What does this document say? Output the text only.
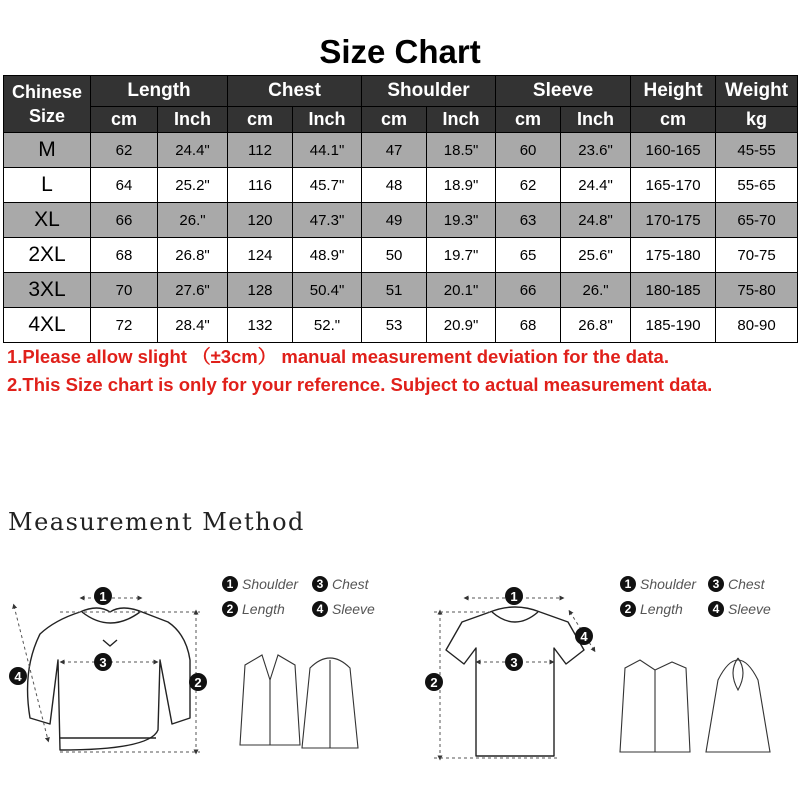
Size Chart
Chinese Size	Length		Chest		Shoulder		Sleeve		Height	Weight
	cm	Inch	cm	Inch	cm	Inch	cm	Inch	cm	kg
M	62	24.4"	112	44.1"	47	18.5"	60	23.6"	160-165	45-55
L	64	25.2"	116	45.7"	48	18.9"	62	24.4"	165-170	55-65
XL	66	26."	120	47.3"	49	19.3"	63	24.8"	170-175	65-70
2XL	68	26.8"	124	48.9"	50	19.7"	65	25.6"	175-180	70-75
3XL	70	27.6"	128	50.4"	51	20.1"	66	26."	180-185	75-80
4XL	72	28.4"	132	52."	53	20.9"	68	26.8"	185-190	80-90
1.Please allow slight （±3cm） manual measurement deviation for the data.
2.This Size chart is only for your reference. Subject to actual measurement data.
Measurement Method
1
3
2
4
1
3
2
4
1 Shoulder	3 Chest
2 Length	4 Sleeve
1 Shoulder	3 Chest
2 Length	4 Sleeve
